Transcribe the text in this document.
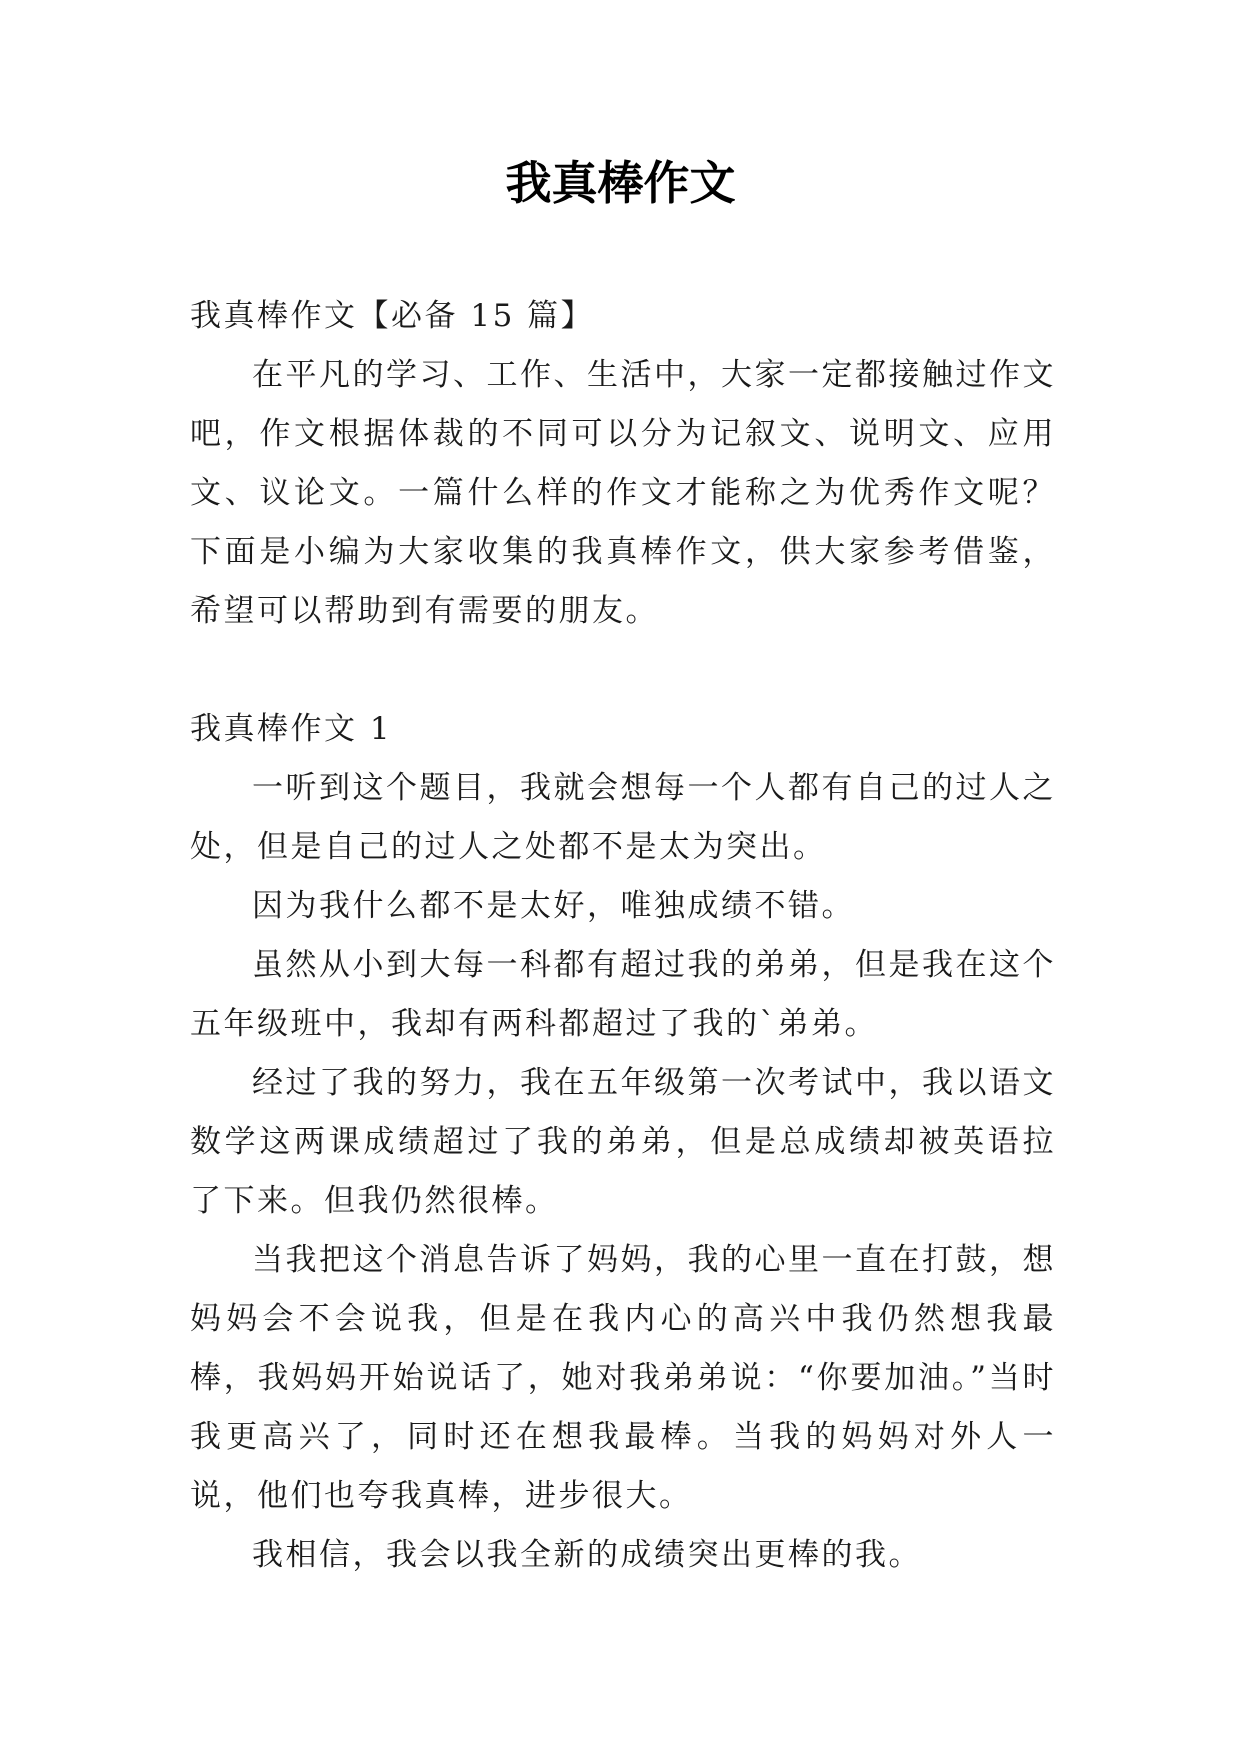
我真棒作文

我真棒作文【必备 15 篇】

在平凡的学习、工作、生活中，大家一定都接触过作文吧，作文根据体裁的不同可以分为记叙文、说明文、应用文、议论文。一篇什么样的作文才能称之为优秀作文呢？下面是小编为大家收集的我真棒作文，供大家参考借鉴，希望可以帮助到有需要的朋友。

我真棒作文 1

一听到这个题目，我就会想每一个人都有自己的过人之处，但是自己的过人之处都不是太为突出。

因为我什么都不是太好，唯独成绩不错。

虽然从小到大每一科都有超过我的弟弟，但是我在这个五年级班中，我却有两科都超过了我的`弟弟。

经过了我的努力，我在五年级第一次考试中，我以语文数学这两课成绩超过了我的弟弟，但是总成绩却被英语拉了下来。但我仍然很棒。

当我把这个消息告诉了妈妈，我的心里一直在打鼓，想妈妈会不会说我，但是在我内心的高兴中我仍然想我最棒，我妈妈开始说话了，她对我弟弟说：“你要加油。”当时我更高兴了，同时还在想我最棒。当我的妈妈对外人一说，他们也夸我真棒，进步很大。

我相信，我会以我全新的成绩突出更棒的我。
